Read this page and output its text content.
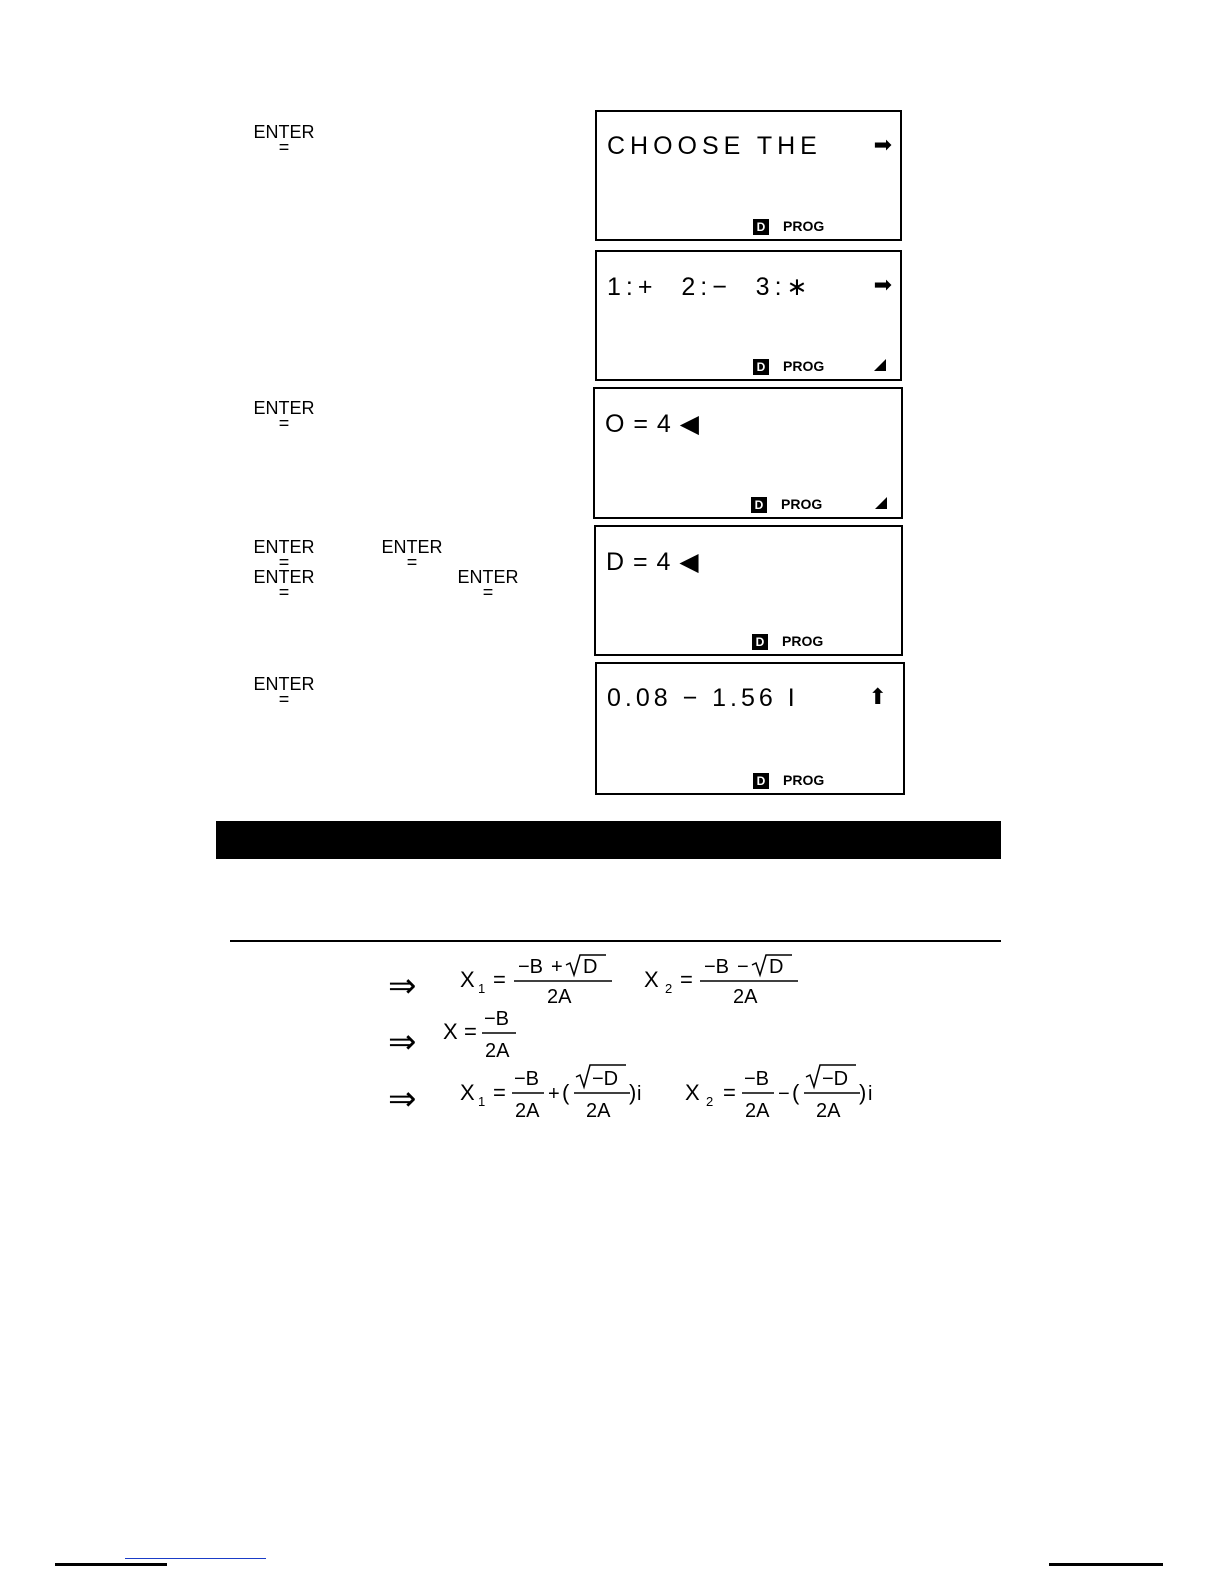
ENTER
=
ENTER
=
ENTER
=
ENTER
=
ENTER
=
ENTER
=
ENTER
=
CHOOSE THE ➡
D PROG
1:+  2:−  3:∗	➡
D PROG
O = 4 ◀
D PROG
D = 4 ◀
D PROG
0.08 − 1.56 I	⬆
D PROG
⇒ X 1 = −B + D
2A
X 2 = −B − D
2A
⇒ X = −B
2A
⇒ X 1 =
−B
2A
+ (
−D
2A
) i X 2 =
−B
2A
− (
−D
2A
) i
